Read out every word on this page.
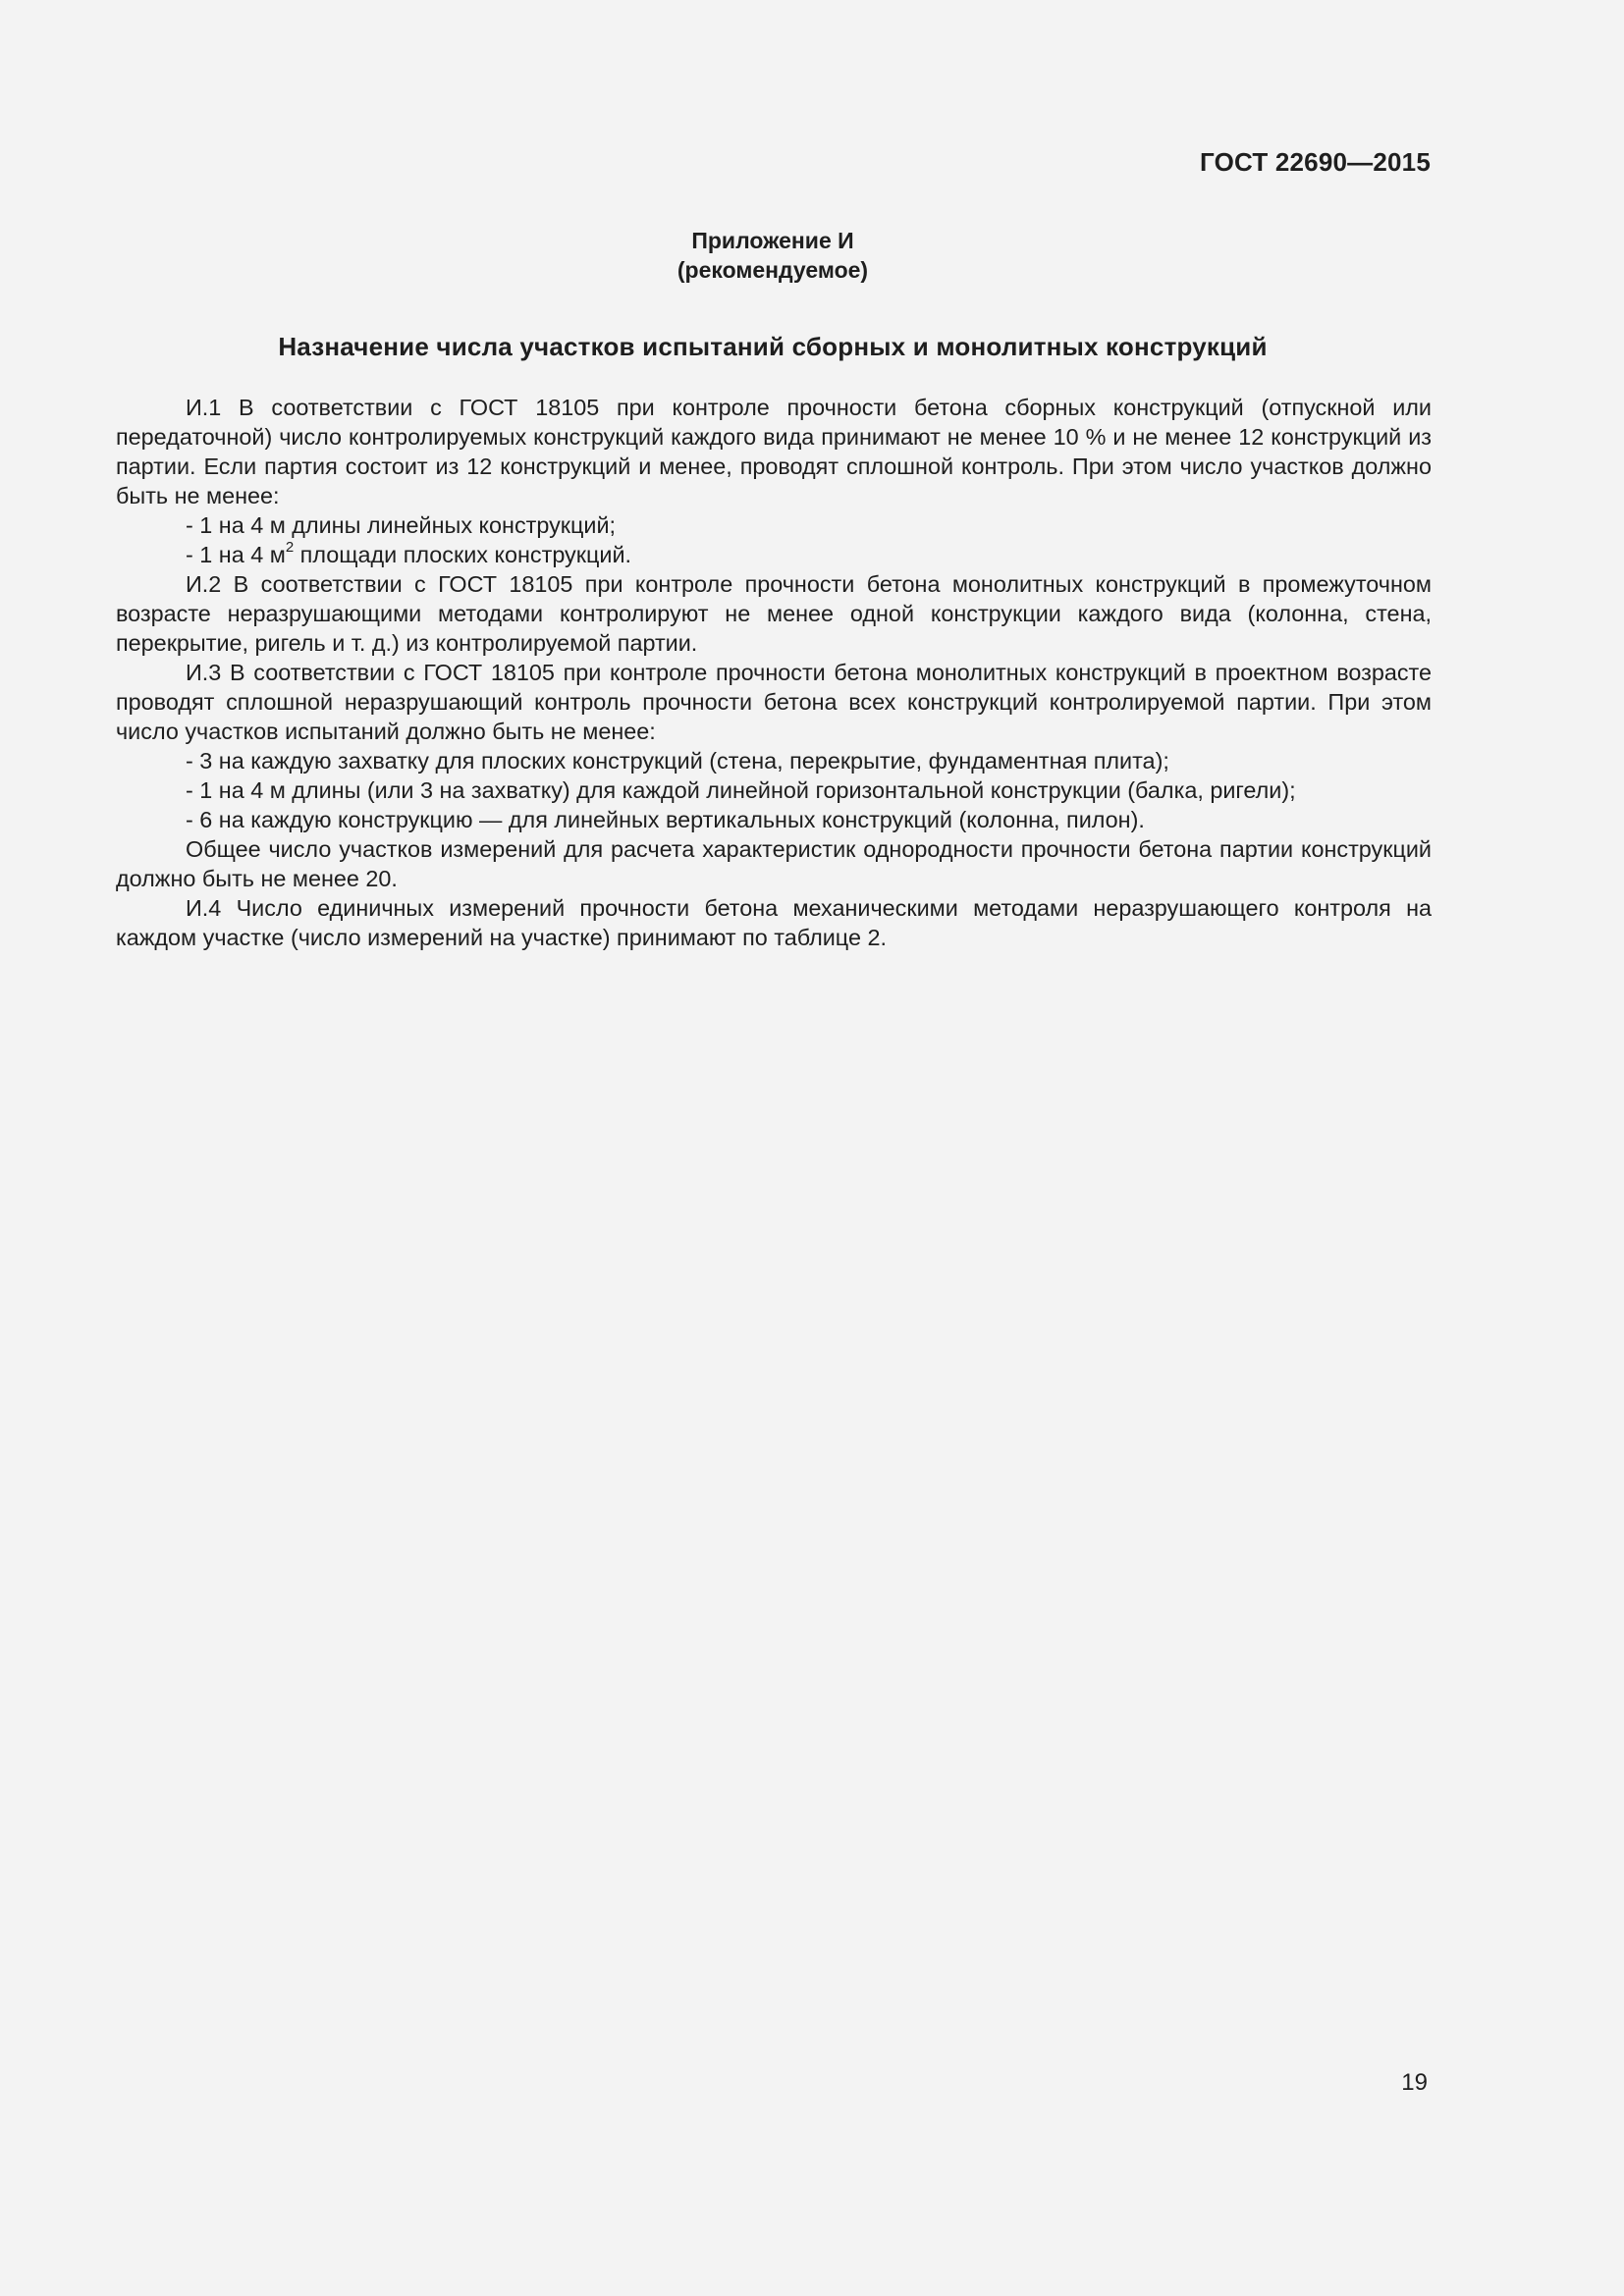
ГОСТ 22690—2015
Приложение И
(рекомендуемое)
Назначение числа участков испытаний сборных и монолитных конструкций

И.1 В соответствии с ГОСТ 18105 при контроле прочности бетона сборных конструкций (отпускной или передаточной) число контролируемых конструкций каждого вида принимают не менее 10 % и не менее 12 конструкций из партии. Если партия состоит из 12 конструкций и менее, проводят сплошной контроль. При этом число участков должно быть не менее:

- 1 на 4 м длины линейных конструкций;

- 1 на 4 $м^2$ площади плоских конструкций.

И.2 В соответствии с ГОСТ 18105 при контроле прочности бетона монолитных конструкций в промежуточном возрасте неразрушающими методами контролируют не менее одной конструкции каждого вида (колонна, стена, перекрытие, ригель и т. д.) из контролируемой партии.

И.3 В соответствии с ГОСТ 18105 при контроле прочности бетона монолитных конструкций в проектном возрасте проводят сплошной неразрушающий контроль прочности бетона всех конструкций контролируемой партии. При этом число участков испытаний должно быть не менее:

- 3 на каждую захватку для плоских конструкций (стена, перекрытие, фундаментная плита);

- 1 на 4 м длины (или 3 на захватку) для каждой линейной горизонтальной конструкции (балка, ригели);

- 6 на каждую конструкцию — для линейных вертикальных конструкций (колонна, пилон).

Общее число участков измерений для расчета характеристик однородности прочности бетона партии конструкций должно быть не менее 20.

И.4 Число единичных измерений прочности бетона механическими методами неразрушающего контроля на каждом участке (число измерений на участке) принимают по таблице 2.

19
